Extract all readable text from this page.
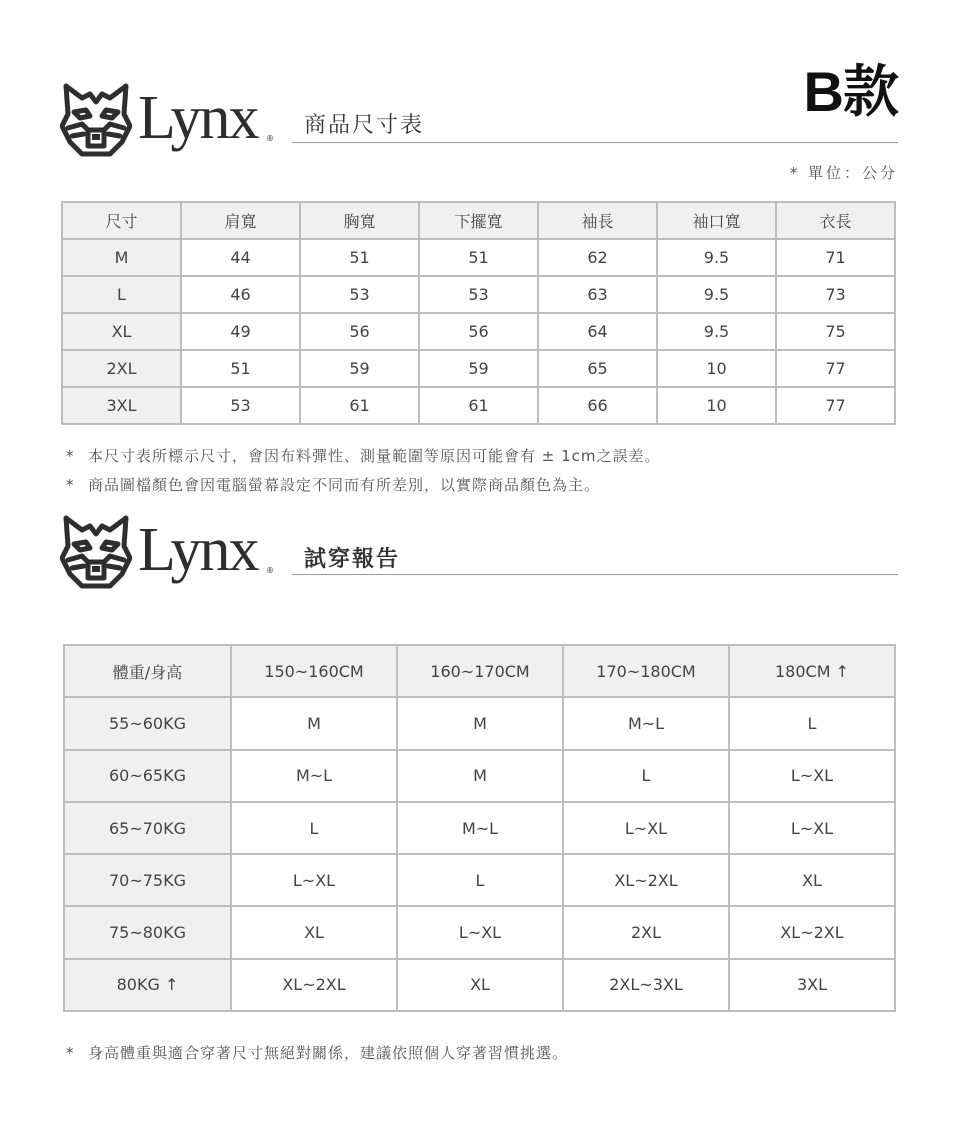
B款
Lynx ®
商品尺寸表
* 單位：公分
尺寸	肩寬	胸寬	下擺寬	袖長	袖口寬	衣長
M	44	51	51	62	9.5	71
L	46	53	53	63	9.5	73
XL	49	56	56	64	9.5	75
2XL	51	59	59	65	10	77
3XL	53	61	61	66	10	77
* 本尺寸表所標示尺寸，會因布料彈性、測量範圍等原因可能會有 ± 1cm之誤差。
* 商品圖檔顏色會因電腦螢幕設定不同而有所差別，以實際商品顏色為主。
Lynx ® 試穿報告
體重/身高	150~160CM	160~170CM	170~180CM	180CM ↑
55~60KG	M	M	M~L	L
60~65KG	M~L	M	L	L~XL
65~70KG	L	M~L	L~XL	L~XL
70~75KG	L~XL	L	XL~2XL	XL
75~80KG	XL	L~XL	2XL	XL~2XL
80KG ↑	XL~2XL	XL	2XL~3XL	3XL
* 身高體重與適合穿著尺寸無絕對關係，建議依照個人穿著習慣挑選。
